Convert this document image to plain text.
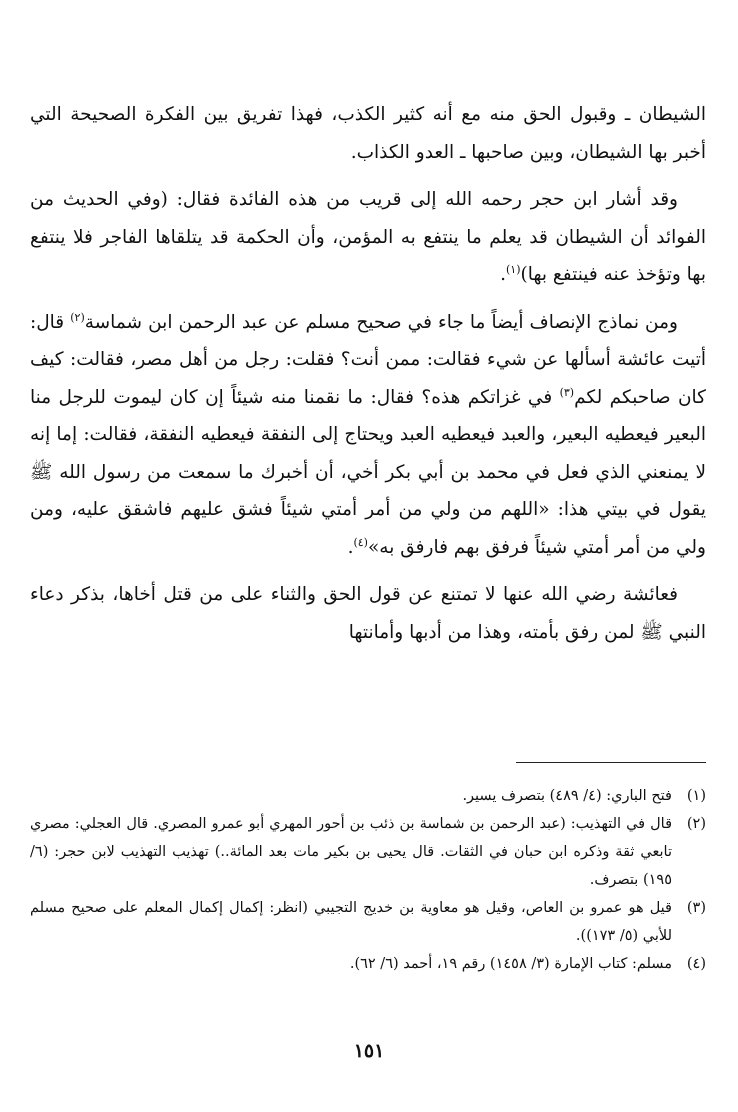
الشيطان ـ وقبول الحق منه مع أنه كثير الكذب، فهذا تفريق بين الفكرة الصحيحة التي أخبر بها الشيطان، وبين صاحبها ـ العدو الكذاب.

وقد أشار ابن حجر رحمه الله إلى قريب من هذه الفائدة فقال: (وفي الحديث من الفوائد أن الشيطان قد يعلم ما ينتفع به المؤمن، وأن الحكمة قد يتلقاها الفاجر فلا ينتفع بها وتؤخذ عنه فينتفع بها)$^{(١)}$.

ومن نماذج الإنصاف أيضاً ما جاء في صحيح مسلم عن عبد الرحمن ابن شماسة$^{(٢)}$ قال: أتيت عائشة أسألها عن شيء فقالت: ممن أنت؟ فقلت: رجل من أهل مصر، فقالت: كيف كان صاحبكم لكم$^{(٣)}$ في غزاتكم هذه؟ فقال: ما نقمنا منه شيئاً إن كان ليموت للرجل منا البعير فيعطيه البعير، والعبد فيعطيه العبد ويحتاج إلى النفقة فيعطيه النفقة، فقالت: إما إنه لا يمنعني الذي فعل في محمد بن أبي بكر أخي، أن أخبرك ما سمعت من رسول الله ﷺ يقول في بيتي هذا: «اللهم من ولي من أمر أمتي شيئاً فشق عليهم فاشقق عليه، ومن ولي من أمر أمتي شيئاً فرفق بهم فارفق به»$^{(٤)}$.

فعائشة رضي الله عنها لا تمتنع عن قول الحق والثناء على من قتل أخاها، بذكر دعاء النبي ﷺ لمن رفق بأمته، وهذا من أدبها وأمانتها

(١)
فتح الباري: (٤/ ٤٨٩) بتصرف يسير.
(٢)
قال في التهذيب: (عبد الرحمن بن شماسة بن ذئب بن أحور المهري أبو عمرو المصري. قال العجلي: مصري تابعي ثقة وذكره ابن حبان في الثقات. قال يحيى بن بكير مات بعد المائة..) تهذيب التهذيب لابن حجر: (٦/ ١٩٥) بتصرف.
(٣)
قيل هو عمرو بن العاص، وقيل هو معاوية بن خديج التجيبي (انظر: إكمال إكمال المعلم على صحيح مسلم للأبي (٥/ ١٧٣)).
(٤)
مسلم: كتاب الإمارة (٣/ ١٤٥٨) رقم ١٩، أحمد (٦/ ٦٢).
١٥١
